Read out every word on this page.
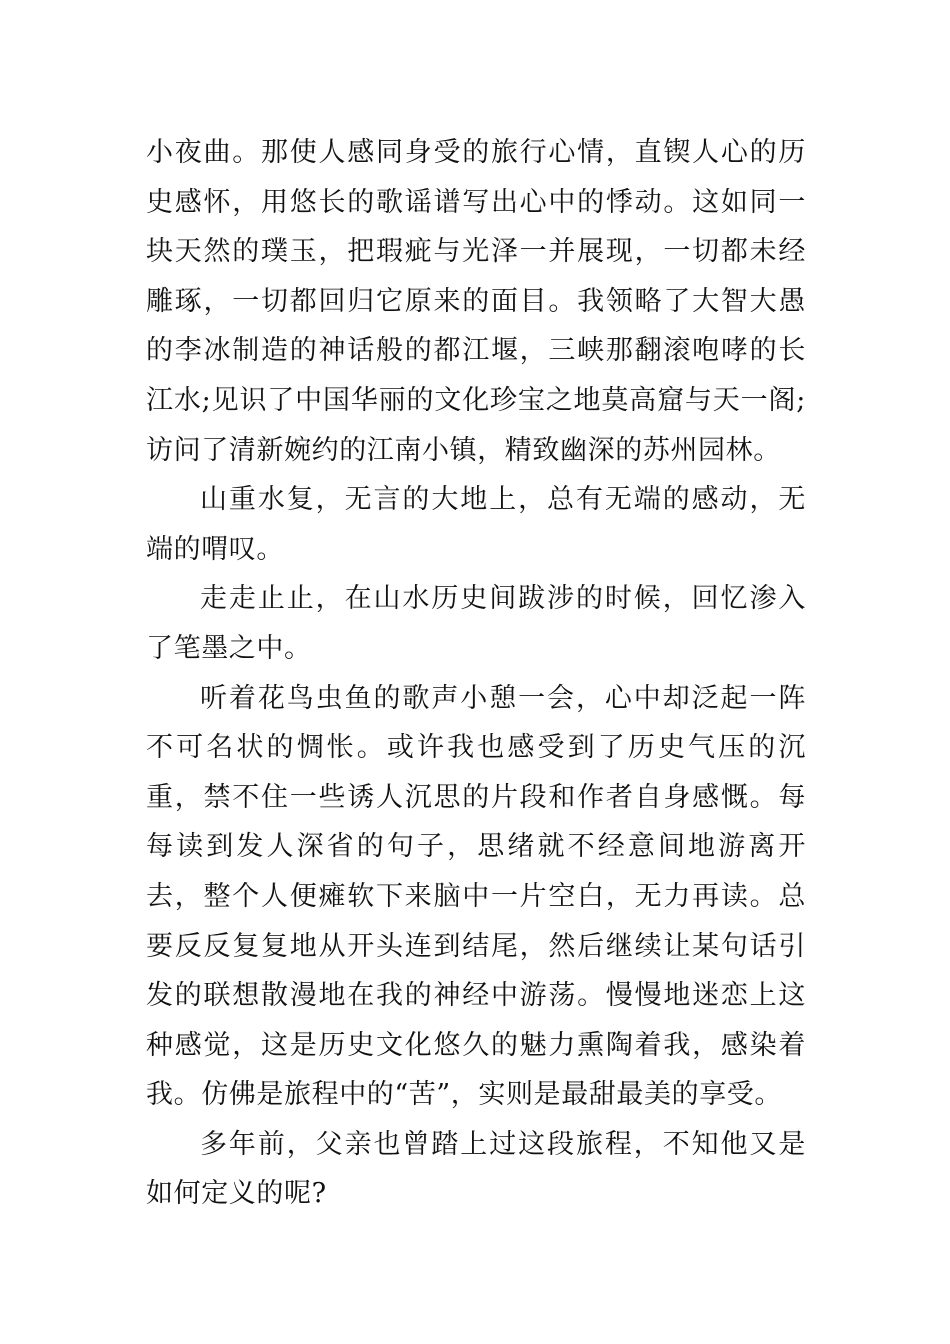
小夜曲。那使人感同身受的旅行心情，直锲人心的历史感怀，用悠长的歌谣谱写出心中的悸动。这如同一块天然的璞玉，把瑕疵与光泽一并展现，一切都未经雕琢，一切都回归它原来的面目。我领略了大智大愚的李冰制造的神话般的都江堰，三峡那翻滚咆哮的长江水;见识了中国华丽的文化珍宝之地莫高窟与天一阁;访问了清新婉约的江南小镇，精致幽深的苏州园林。

山重水复，无言的大地上，总有无端的感动，无端的喟叹。

走走止止，在山水历史间跋涉的时候，回忆渗入了笔墨之中。

听着花鸟虫鱼的歌声小憩一会，心中却泛起一阵不可名状的惆怅。或许我也感受到了历史气压的沉重，禁不住一些诱人沉思的片段和作者自身感慨。每每读到发人深省的句子，思绪就不经意间地游离开去，整个人便瘫软下来脑中一片空白，无力再读。总要反反复复地从开头连到结尾，然后继续让某句话引发的联想散漫地在我的神经中游荡。慢慢地迷恋上这种感觉，这是历史文化悠久的魅力熏陶着我，感染着我。仿佛是旅程中的“苦”，实则是最甜最美的享受。

多年前，父亲也曾踏上过这段旅程，不知他又是如何定义的呢?
